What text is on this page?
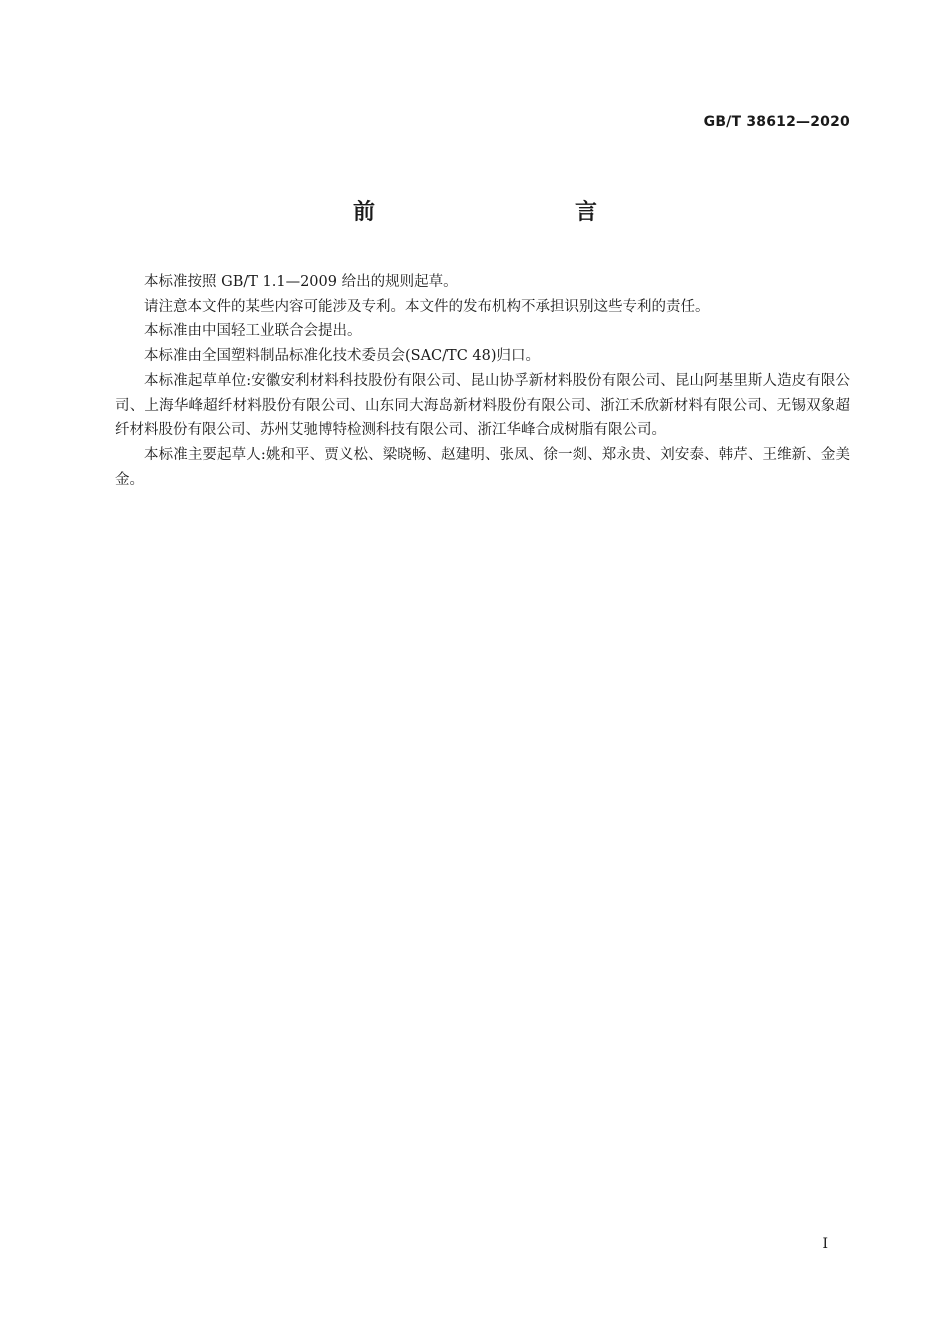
GB/T 38612—2020
前　　言

本标准按照 GB/T 1.1—2009 给出的规则起草。

请注意本文件的某些内容可能涉及专利。本文件的发布机构不承担识别这些专利的责任。

本标准由中国轻工业联合会提出。

本标准由全国塑料制品标准化技术委员会(SAC/TC 48)归口。

本标准起草单位:安徽安利材料科技股份有限公司、昆山协孚新材料股份有限公司、昆山阿基里斯人造皮有限公司、上海华峰超纤材料股份有限公司、山东同大海岛新材料股份有限公司、浙江禾欣新材料有限公司、无锡双象超纤材料股份有限公司、苏州艾驰博特检测科技有限公司、浙江华峰合成树脂有限公司。

本标准主要起草人:姚和平、贾义松、梁晓畅、赵建明、张凤、徐一剡、郑永贵、刘安泰、韩芹、王维新、金美金。

I
